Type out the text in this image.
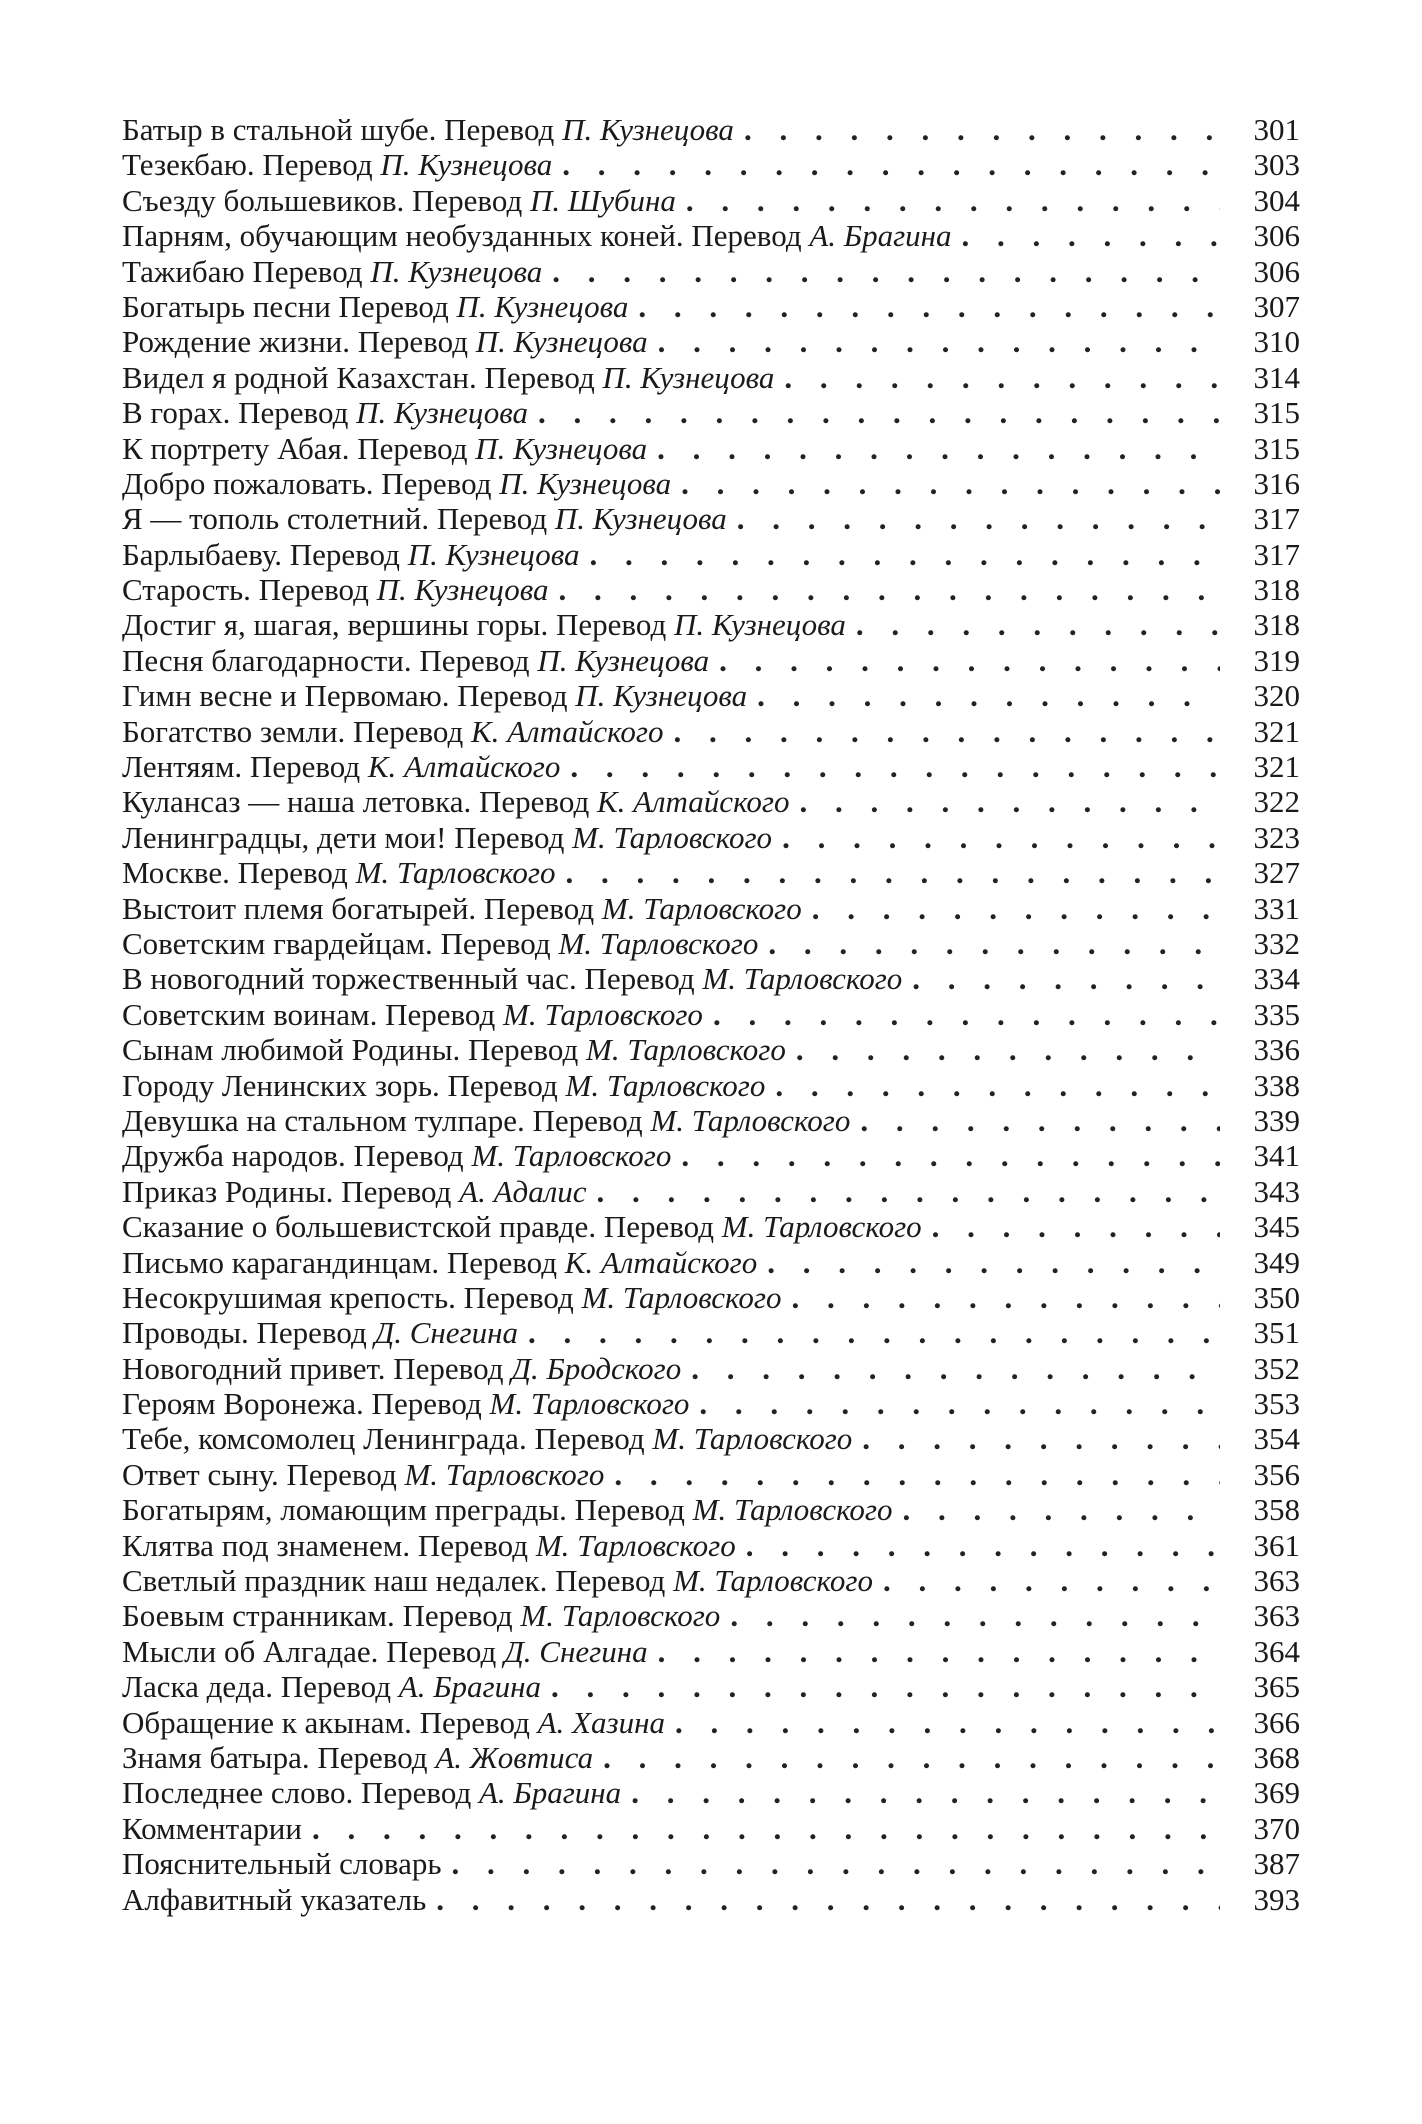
Батыр в стальной шубе. Перевод П. Кузнецова . . .	301
Тезекбаю. Перевод П. Кузнецова . . .	303
Съезду большевиков. Перевод П. Шубина . . .	304
Парням, обучающим необузданных коней. Перевод А. Брагина . . .	306
Тажибаю Перевод П. Кузнецова . . .	306
Богатырь песни Перевод П. Кузнецова . . .	307
Рождение жизни. Перевод П. Кузнецова . . .	310
Видел я родной Казахстан. Перевод П. Кузнецова . . .	314
В горах. Перевод П. Кузнецова . . .	315
К портрету Абая. Перевод П. Кузнецова . . .	315
Добро пожаловать. Перевод П. Кузнецова . . .	316
Я — тополь столетний. Перевод П. Кузнецова . . .	317
Барлыбаеву. Перевод П. Кузнецова . . .	317
Старость. Перевод П. Кузнецова . . .	318
Достиг я, шагая, вершины горы. Перевод П. Кузнецова . . .	318
Песня благодарности. Перевод П. Кузнецова . . .	319
Гимн весне и Первомаю. Перевод П. Кузнецова . . .	320
Богатство земли. Перевод К. Алтайского . . .	321
Лентяям. Перевод К. Алтайского . . .	321
Кулансаз — наша летовка. Перевод К. Алтайского . . .	322
Ленинградцы, дети мои! Перевод М. Тарловского . . .	323
Москве. Перевод М. Тарловского . . .	327
Выстоит племя богатырей. Перевод М. Тарловского . . .	331
Советским гвардейцам. Перевод М. Тарловского . . .	332
В новогодний торжественный час. Перевод М. Тарловского . . .	334
Советским воинам. Перевод М. Тарловского . . .	335
Сынам любимой Родины. Перевод М. Тарловского . . .	336
Городу Ленинских зорь. Перевод М. Тарловского . . .	338
Девушка на стальном тулпаре. Перевод М. Тарловского . . .	339
Дружба народов. Перевод М. Тарловского . . .	341
Приказ Родины. Перевод А. Адалис . . .	343
Сказание о большевистской правде. Перевод М. Тарловского . . .	345
Письмо карагандинцам. Перевод К. Алтайского . . .	349
Несокрушимая крепость. Перевод М. Тарловского . . .	350
Проводы. Перевод Д. Снегина . . .	351
Новогодний привет. Перевод Д. Бродского . . .	352
Героям Воронежа. Перевод М. Тарловского . . .	353
Тебе, комсомолец Ленинграда. Перевод М. Тарловского . . .	354
Ответ сыну. Перевод М. Тарловского . . .	356
Богатырям, ломающим преграды. Перевод М. Тарловского . . .	358
Клятва под знаменем. Перевод М. Тарловского . . .	361
Светлый праздник наш недалек. Перевод М. Тарловского . . .	363
Боевым странникам. Перевод М. Тарловского . . .	363
Мысли об Алгадае. Перевод Д. Снегина . . .	364
Ласка деда. Перевод А. Брагина . . .	365
Обращение к акынам. Перевод А. Хазина . . .	366
Знамя батыра. Перевод А. Жовтиса . . .	368
Последнее слово. Перевод А. Брагина . . .	369
Комментарии . . .	370
Пояснительный словарь . . .	387
Алфавитный указатель . . .	393
